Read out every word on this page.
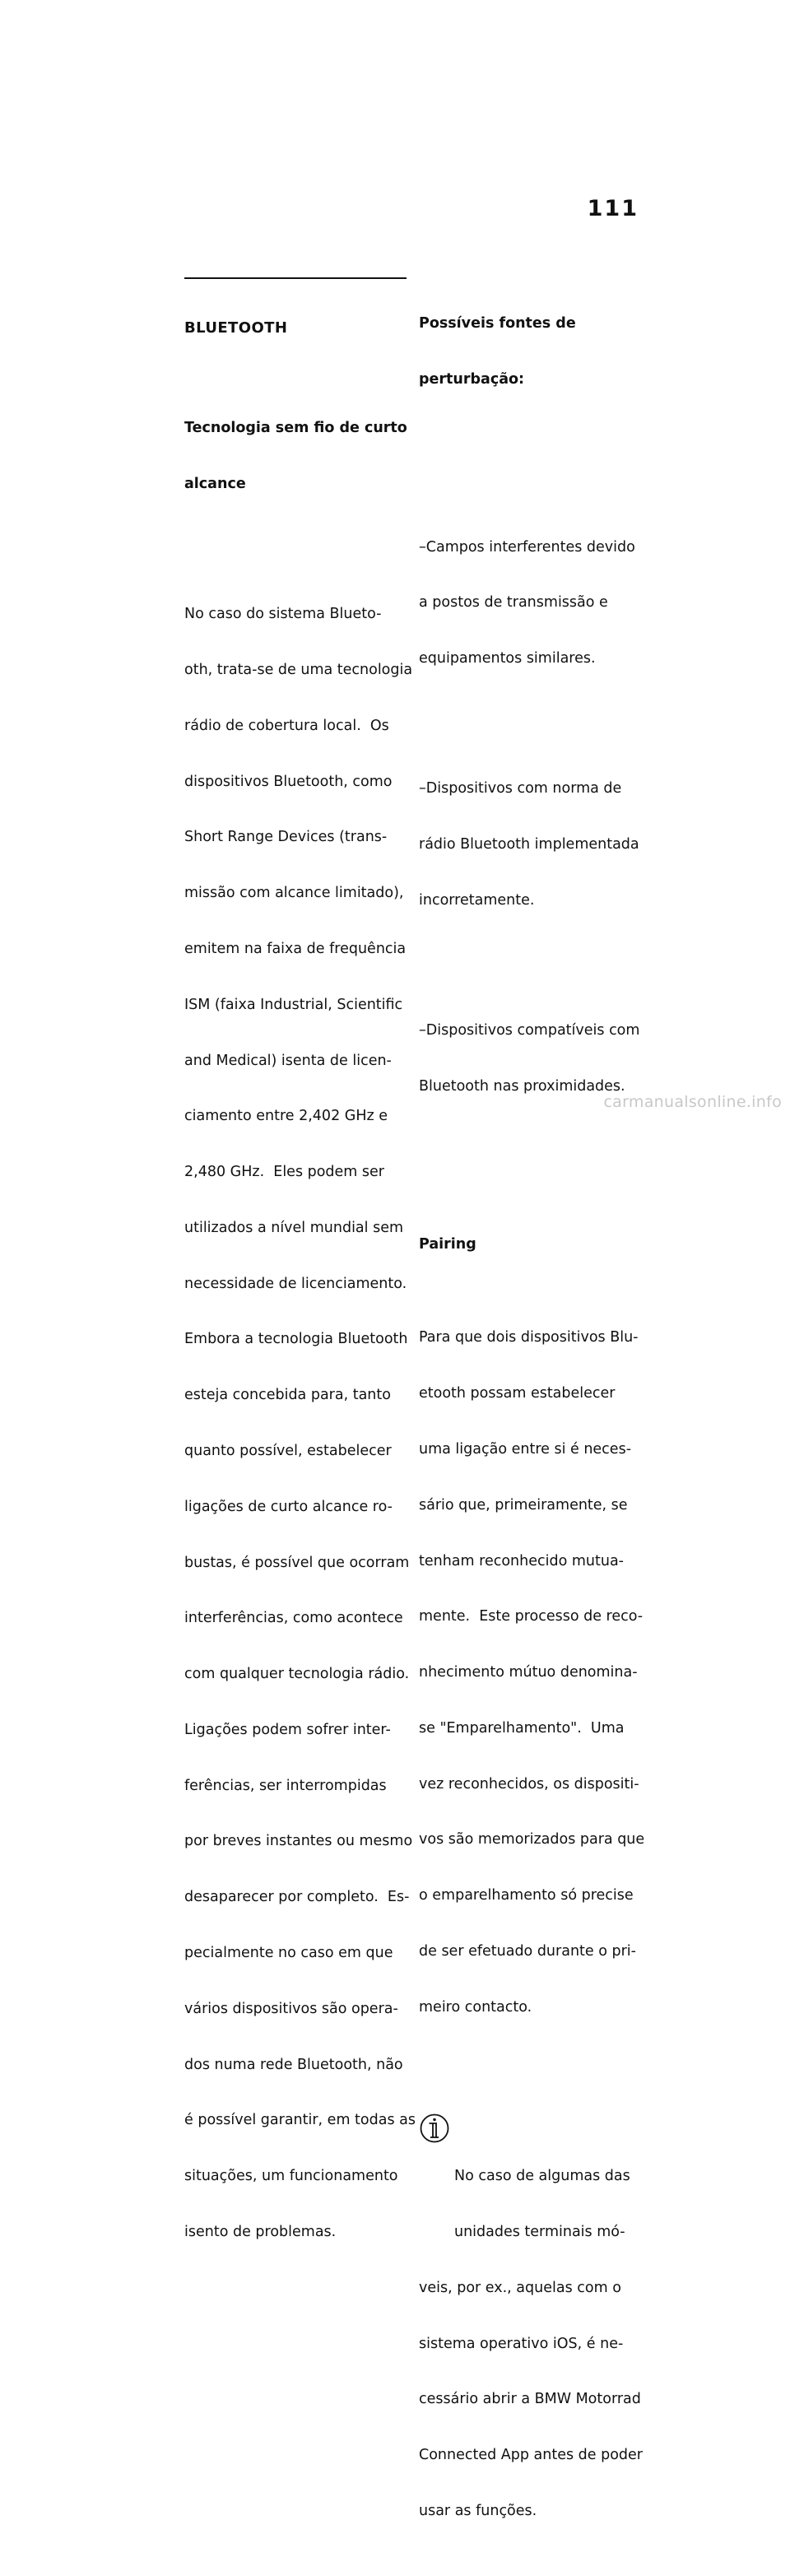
111

BLUETOOTH

Tecnologia sem fio de curto

alcance

No caso do sistema Blueto-

oth, trata-se de uma tecnologia

rádio de cobertura local.  Os

dispositivos Bluetooth, como

Short Range Devices (trans-

missão com alcance limitado),

emitem na faixa de frequência

ISM (faixa Industrial, Scientific

and Medical) isenta de licen-

ciamento entre 2,402 GHz e

2,480 GHz.  Eles podem ser

utilizados a nível mundial sem

necessidade de licenciamento.

Embora a tecnologia Bluetooth

esteja concebida para, tanto

quanto possível, estabelecer

ligações de curto alcance ro-

bustas, é possível que ocorram

interferências, como acontece

com qualquer tecnologia rádio.

Ligações podem sofrer inter-

ferências, ser interrompidas

por breves instantes ou mesmo

desaparecer por completo.  Es-

pecialmente no caso em que

vários dispositivos são opera-

dos numa rede Bluetooth, não

é possível garantir, em todas as

situações, um funcionamento

isento de problemas.

Possíveis fontes de

perturbação:

–Campos interferentes devido

a postos de transmissão e

equipamentos similares.

–Dispositivos com norma de

rádio Bluetooth implementada

incorretamente.

–Dispositivos compatíveis com

Bluetooth nas proximidades.

Pairing

Para que dois dispositivos Blu-

etooth possam estabelecer

uma ligação entre si é neces-

sário que, primeiramente, se

tenham reconhecido mutua-

mente.  Este processo de reco-

nhecimento mútuo denomina-

se "Emparelhamento".  Uma

vez reconhecidos, os dispositi-

vos são memorizados para que

o emparelhamento só precise

de ser efetuado durante o pri-

meiro contacto.

No caso de algumas das

unidades terminais mó-

veis, por ex., aquelas com o

sistema operativo iOS, é ne-

cessário abrir a BMW Motorrad

Connected App antes de poder

usar as funções.

carmanualsonline.info
